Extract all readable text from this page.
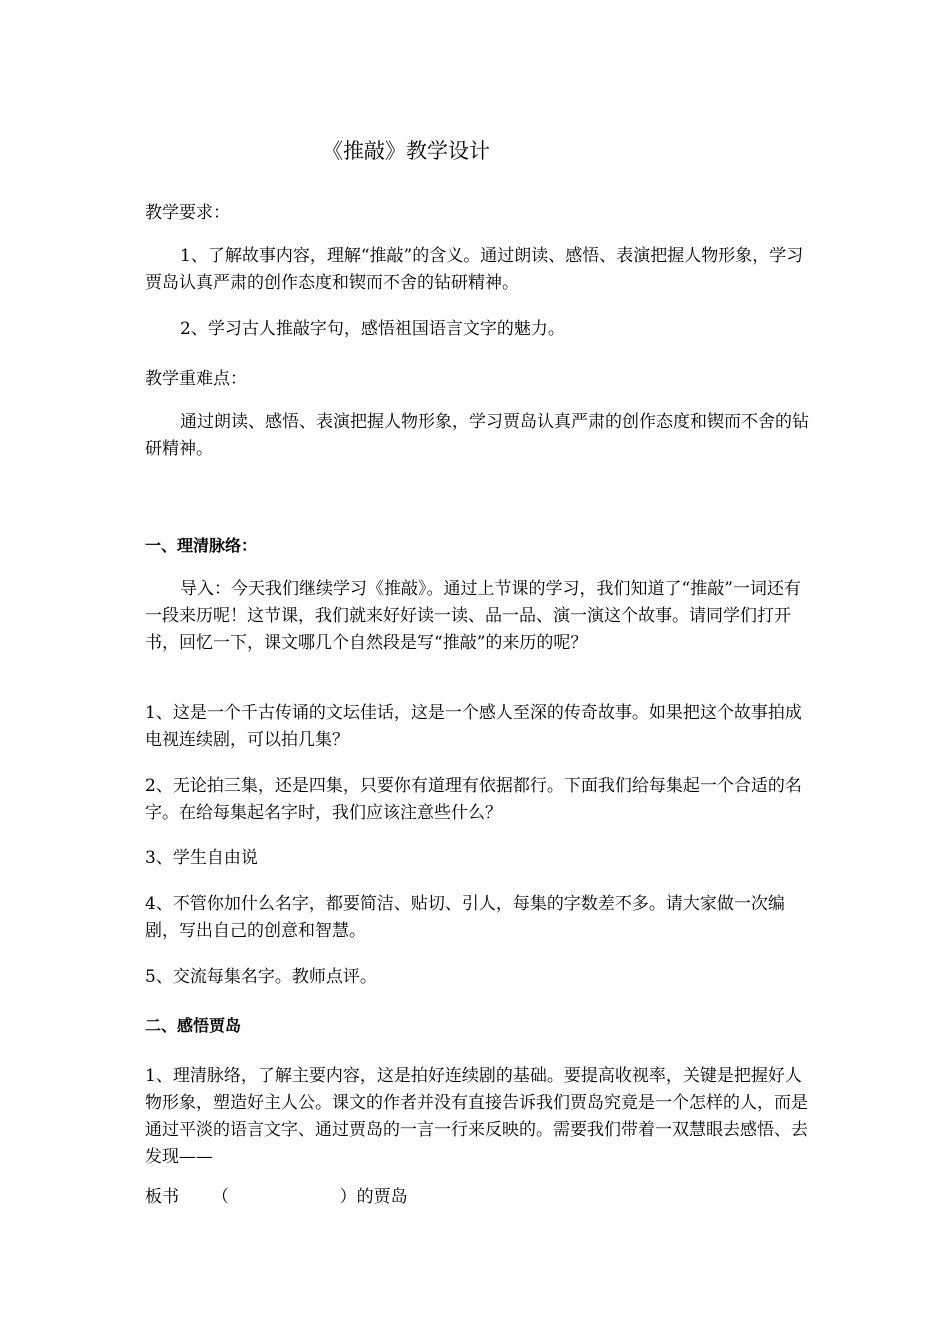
《推敲》教学设计

教学要求：

1、了解故事内容，理解“推敲”的含义。通过朗读、感悟、表演把握人物形象，学习贾岛认真严肃的创作态度和锲而不舍的钻研精神。

2、学习古人推敲字句，感悟祖国语言文字的魅力。

教学重难点：

通过朗读、感悟、表演把握人物形象，学习贾岛认真严肃的创作态度和锲而不舍的钻研精神。

一、理清脉络：

导入：今天我们继续学习《推敲》。通过上节课的学习，我们知道了“推敲”一词还有一段来历呢！这节课，我们就来好好读一读、品一品、演一演这个故事。请同学们打开书，回忆一下，课文哪几个自然段是写“推敲”的来历的呢？

1、这是一个千古传诵的文坛佳话，这是一个感人至深的传奇故事。如果把这个故事拍成电视连续剧，可以拍几集？

2、无论拍三集，还是四集，只要你有道理有依据都行。下面我们给每集起一个合适的名字。在给每集起名字时，我们应该注意些什么？

3、学生自由说

4、不管你加什么名字，都要简洁、贴切、引人，每集的字数差不多。请大家做一次编剧，写出自己的创意和智慧。

5、交流每集名字。教师点评。

二、感悟贾岛

1、理清脉络，了解主要内容，这是拍好连续剧的基础。要提高收视率，关键是把握好人物形象，塑造好主人公。课文的作者并没有直接告诉我们贾岛究竟是一个怎样的人，而是通过平淡的语言文字、通过贾岛的一言一行来反映的。需要我们带着一双慧眼去感悟、去发现——

板书 （	）的贾岛
